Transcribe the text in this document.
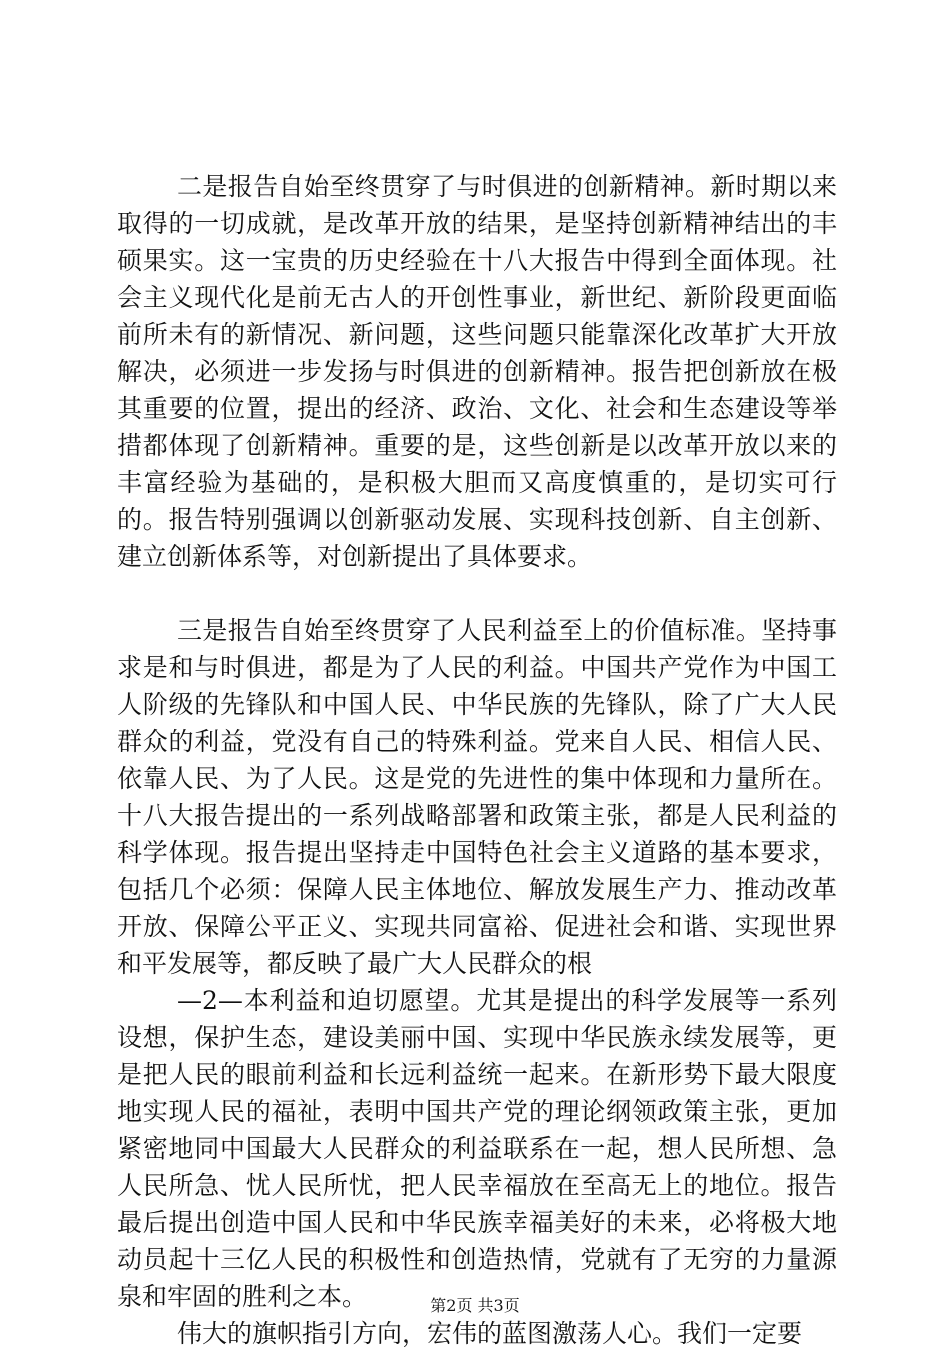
二是报告自始至终贯穿了与时俱进的创新精神。新时期以来取得的一切成就，是改革开放的结果，是坚持创新精神结出的丰硕果实。这一宝贵的历史经验在十八大报告中得到全面体现。社会主义现代化是前无古人的开创性事业，新世纪、新阶段更面临前所未有的新情况、新问题，这些问题只能靠深化改革扩大开放解决，必须进一步发扬与时俱进的创新精神。报告把创新放在极其重要的位置，提出的经济、政治、文化、社会和生态建设等举措都体现了创新精神。重要的是，这些创新是以改革开放以来的丰富经验为基础的，是积极大胆而又高度慎重的，是切实可行的。报告特别强调以创新驱动发展、实现科技创新、自主创新、建立创新体系等，对创新提出了具体要求。

三是报告自始至终贯穿了人民利益至上的价值标准。坚持事求是和与时俱进，都是为了人民的利益。中国共产党作为中国工人阶级的先锋队和中国人民、中华民族的先锋队，除了广大人民群众的利益，党没有自己的特殊利益。党来自人民、相信人民、依靠人民、为了人民。这是党的先进性的集中体现和力量所在。十八大报告提出的一系列战略部署和政策主张，都是人民利益的科学体现。报告提出坚持走中国特色社会主义道路的基本要求，包括几个必须：保障人民主体地位、解放发展生产力、推动改革开放、保障公平正义、实现共同富裕、促进社会和谐、实现世界和平发展等，都反映了最广大人民群众的根

—2—本利益和迫切愿望。尤其是提出的科学发展等一系列设想，保护生态，建设美丽中国、实现中华民族永续发展等，更是把人民的眼前利益和长远利益统一起来。在新形势下最大限度地实现人民的福祉，表明中国共产党的理论纲领政策主张，更加紧密地同中国最大人民群众的利益联系在一起，想人民所想、急人民所急、忧人民所忧，把人民幸福放在至高无上的地位。报告最后提出创造中国人民和中华民族幸福美好的未来，必将极大地动员起十三亿人民的积极性和创造热情，党就有了无穷的力量源泉和牢固的胜利之本。

伟大的旗帜指引方向，宏伟的蓝图激荡人心。我们一定要

第2页 共3页
